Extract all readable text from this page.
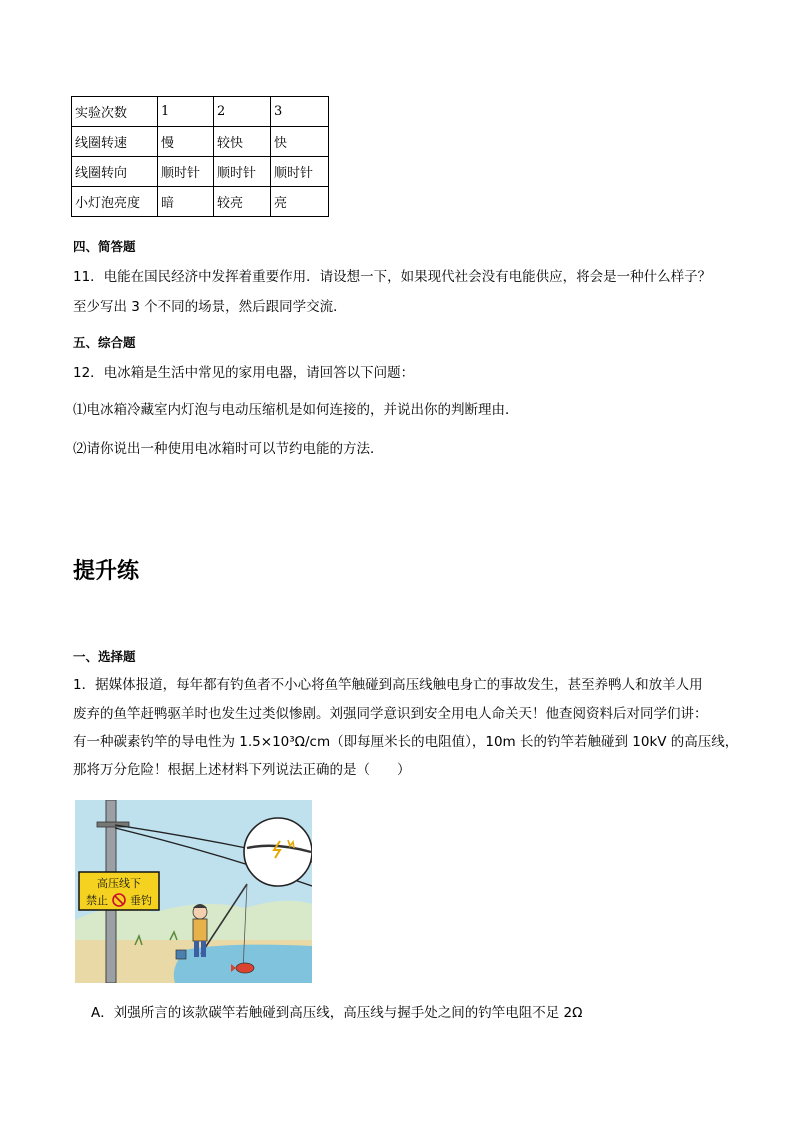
实验次数	1	2	3
线圈转速	慢	较快	快
线圈转向	顺时针	顺时针	顺时针
小灯泡亮度	暗	较亮	亮
四、简答题
11．电能在国民经济中发挥着重要作用．请设想一下，如果现代社会没有电能供应，将会是一种什么样子？
至少写出 3 个不同的场景，然后跟同学交流．
五、综合题
12．电冰箱是生活中常见的家用电器，请回答以下问题：
⑴电冰箱冷藏室内灯泡与电动压缩机是如何连接的，并说出你的判断理由．
⑵请你说出一种使用电冰箱时可以节约电能的方法．
提升练
一、选择题
1．据媒体报道，每年都有钓鱼者不小心将鱼竿触碰到高压线触电身亡的事故发生，甚至养鸭人和放羊人用
废弃的鱼竿赶鸭驱羊时也发生过类似惨剧。刘强同学意识到安全用电人命关天！他查阅资料后对同学们讲：
有一种碳素钓竿的导电性为 1.5×10³Ω/cm（即每厘米长的电阻值），10m 长的钓竿若触碰到 10kV 的高压线，
那将万分危险！根据上述材料下列说法正确的是（　　）
高压线下
禁止 垂钓
A．刘强所言的该款碳竿若触碰到高压线，高压线与握手处之间的钓竿电阻不足 2Ω
